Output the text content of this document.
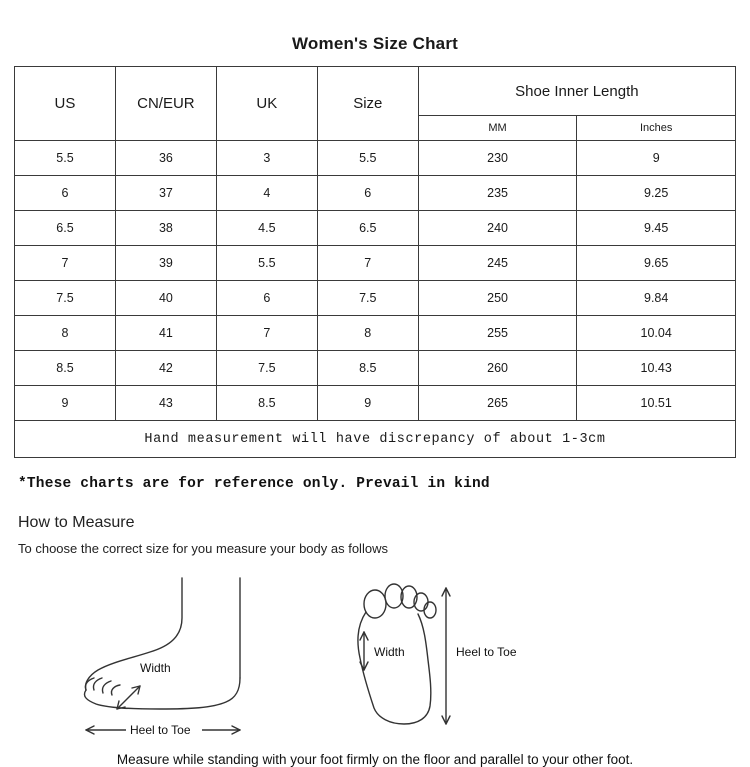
Women's Size Chart
US	CN/EUR	UK	Size	Shoe Inner Length	
				MM	Inches
5.5	36	3	5.5	230	9
6	37	4	6	235	9.25
6.5	38	4.5	6.5	240	9.45
7	39	5.5	7	245	9.65
7.5	40	6	7.5	250	9.84
8	41	7	8	255	10.04
8.5	42	7.5	8.5	260	10.43
9	43	8.5	9	265	10.51
Hand measurement will have discrepancy of about 1-3cm					
*These charts are for reference only. Prevail in kind
How to Measure
To choose the correct size for you measure your body as follows
Width
Heel to Toe
Width	Heel to Toe
Measure while standing with your foot firmly on the floor and parallel to your other foot.
